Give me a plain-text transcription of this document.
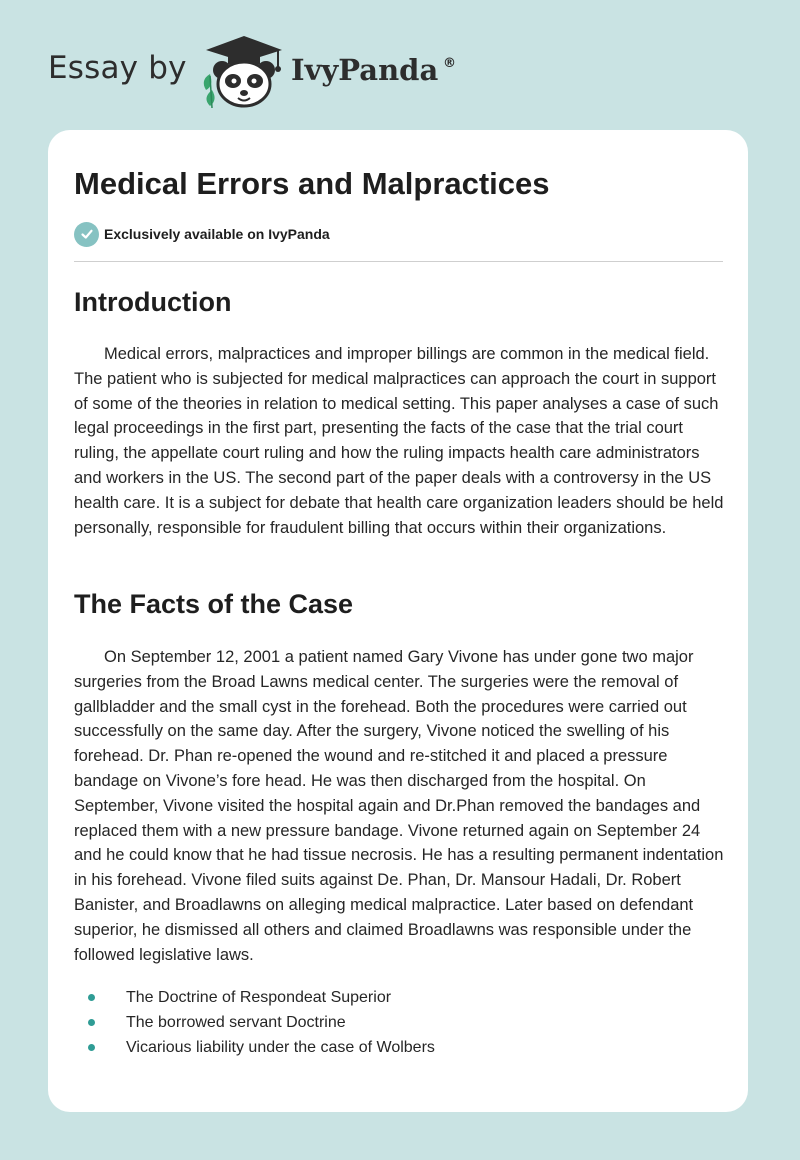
Essay by	IvyPanda ®
Medical Errors and Malpractices
Exclusively available on IvyPanda
Introduction

Medical errors, malpractices and improper billings are common in the medical field. The patient who is subjected for medical malpractices can approach the court in support of some of the theories in relation to medical setting. This paper analyses a case of such legal proceedings in the first part, presenting the facts of the case that the trial court ruling, the appellate court ruling and how the ruling impacts health care administrators and workers in the US. The second part of the paper deals with a controversy in the US health care. It is a subject for debate that health care organization leaders should be held personally, responsible for fraudulent billing that occurs within their organizations.

The Facts of the Case

On September 12, 2001 a patient named Gary Vivone has under gone two major surgeries from the Broad Lawns medical center. The surgeries were the removal of gallbladder and the small cyst in the forehead. Both the procedures were carried out successfully on the same day. After the surgery, Vivone noticed the swelling of his forehead. Dr. Phan re-opened the wound and re-stitched it and placed a pressure bandage on Vivone’s fore head. He was then discharged from the hospital. On September, Vivone visited the hospital again and Dr.Phan removed the bandages and replaced them with a new pressure bandage. Vivone returned again on September 24 and he could know that he had tissue necrosis. He has a resulting permanent indentation in his forehead. Vivone filed suits against De. Phan, Dr. Mansour Hadali, Dr. Robert Banister, and Broadlawns on alleging medical malpractice. Later based on defendant superior, he dismissed all others and claimed Broadlawns was responsible under the followed legislative laws.

The Doctrine of Respondeat Superior
The borrowed servant Doctrine
Vicarious liability under the case of Wolbers
